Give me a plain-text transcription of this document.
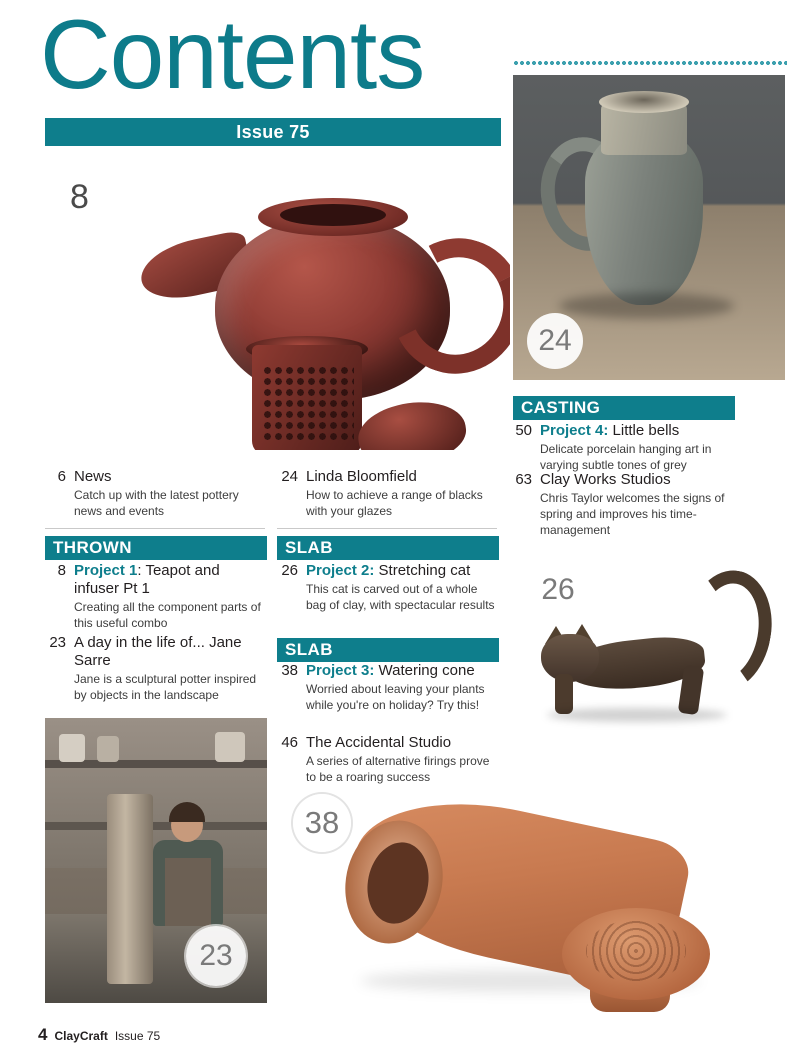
Contents
Issue 75
8
24
CASTING
50 Project 4: Little bells
Delicate porcelain hanging art in varying subtle tones of grey
63 Clay Works Studios
Chris Taylor welcomes the signs of spring and improves his time-management
6 News
Catch up with the latest pottery news and events
24 Linda Bloomfield
How to achieve a range of blacks with your glazes
THROWN
8 Project 1: Teapot and infuser Pt 1
Creating all the component parts of this useful combo
23 A day in the life of... Jane Sarre
Jane is a sculptural potter inspired by objects in the landscape
SLAB
26 Project 2: Stretching cat
This cat is carved out of a whole bag of clay, with spectacular results
SLAB
38 Project 3: Watering cone
Worried about leaving your plants while you're on holiday? Try this!
46 The Accidental Studio
A series of alternative firings prove to be a roaring success
26
23
38
4 ClayCraft Issue 75
